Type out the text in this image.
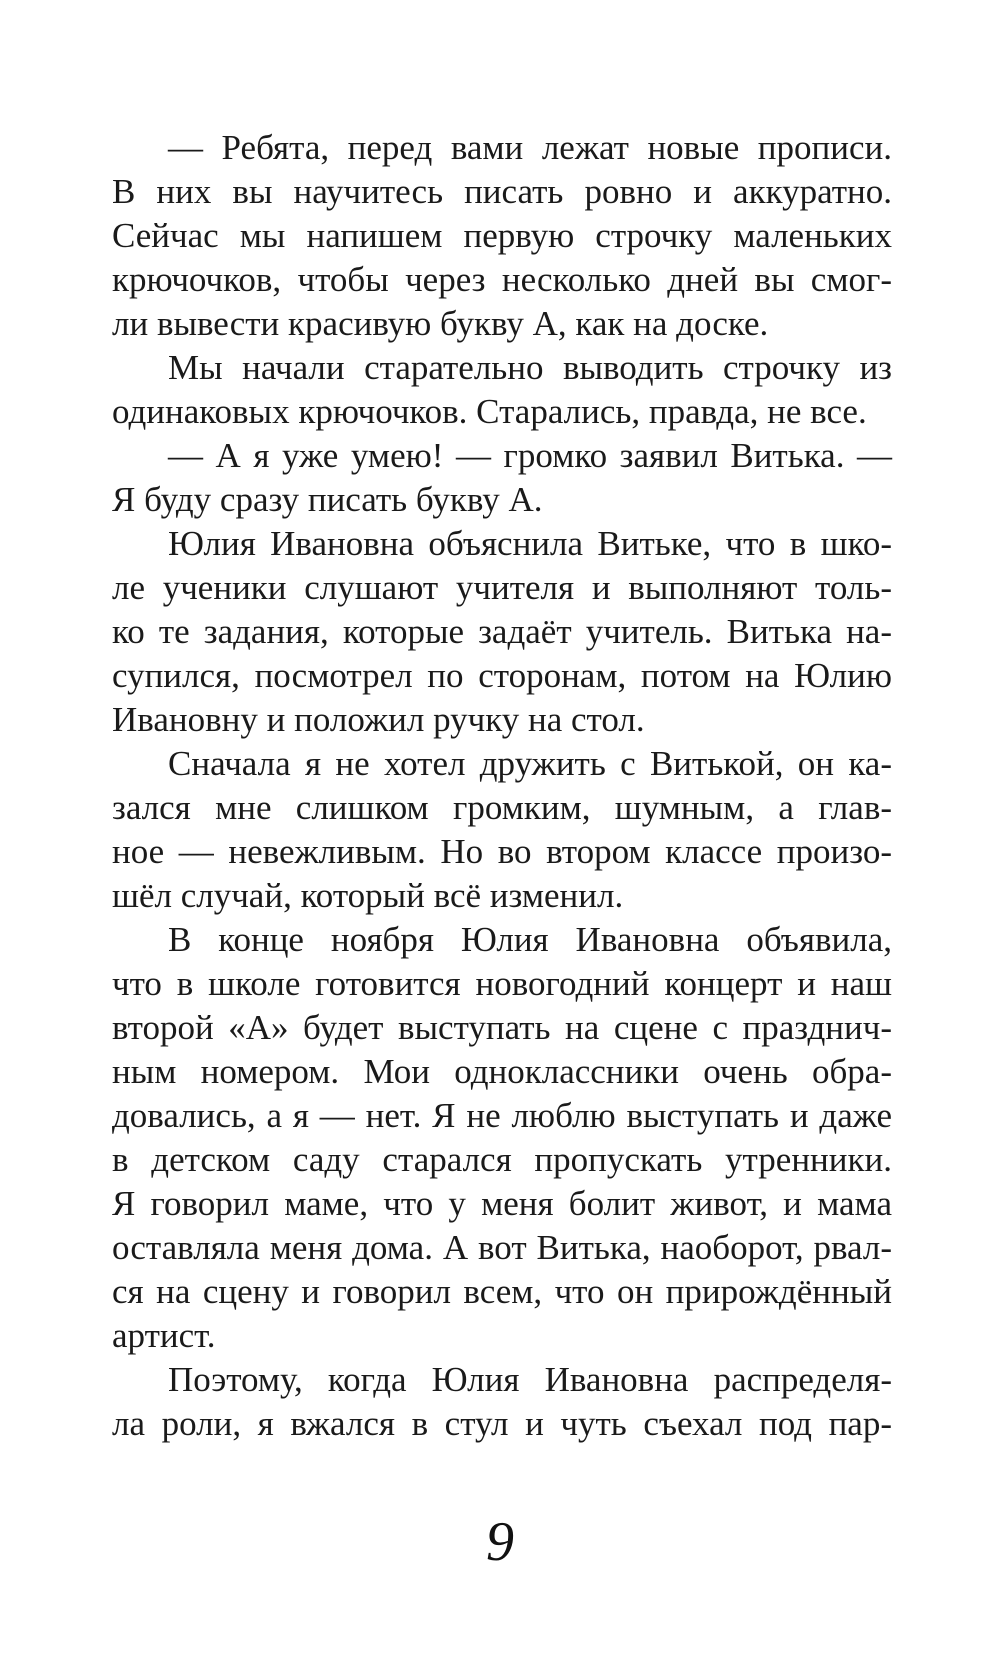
— Ребята, перед вами лежат новые прописи.
В них вы научитесь писать ровно и аккуратно.
Сейчас мы напишем первую строчку маленьких
крючочков, чтобы через несколько дней вы смог-
ли вывести красивую букву А, как на доске.
Мы начали старательно выводить строчку из
одинаковых крючочков. Старались, правда, не все.
— А я уже умею! — громко заявил Витька. —
Я буду сразу писать букву А.
Юлия Ивановна объяснила Витьке, что в шко-
ле ученики слушают учителя и выполняют толь-
ко те задания, которые задаёт учитель. Витька на-
супился, посмотрел по сторонам, потом на Юлию
Ивановну и положил ручку на стол.
Сначала я не хотел дружить с Витькой, он ка-
зался мне слишком громким, шумным, а глав-
ное — невежливым. Но во втором классе произо-
шёл случай, который всё изменил.
В конце ноября Юлия Ивановна объявила,
что в школе готовится новогодний концерт и наш
второй «А» будет выступать на сцене с празднич-
ным номером. Мои одноклассники очень обра-
довались, а я — нет. Я не люблю выступать и даже
в детском саду старался пропускать утренники.
Я говорил маме, что у меня болит живот, и мама
оставляла меня дома. А вот Витька, наоборот, рвал-
ся на сцену и говорил всем, что он прирождённый
артист.
Поэтому, когда Юлия Ивановна распределя-
ла роли, я вжался в стул и чуть съехал под пар-
9
